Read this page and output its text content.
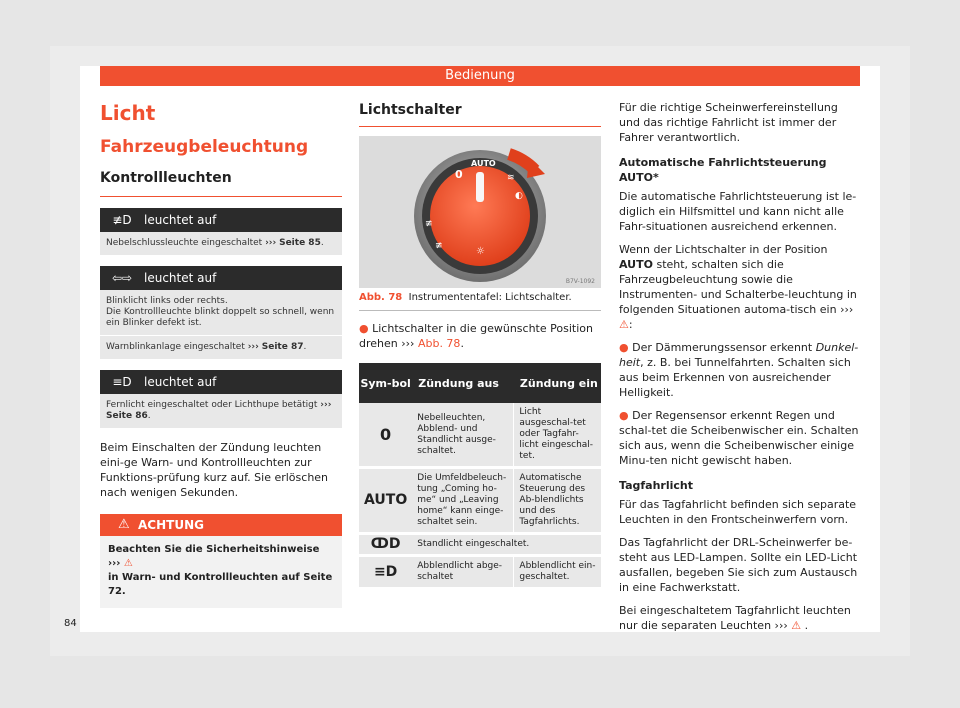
Bedienung
Licht
Fahrzeugbeleuchtung
Kontrollleuchten
≢D	leuchtet auf
Nebelschlussleuchte eingeschaltet ››› Seite 85.
⇦⇨ leuchtet auf
Blinklicht links oder rechts.
Die Kontrollleuchte blinkt doppelt so schnell, wenn ein Blinker defekt ist.
Warnblinkanlage eingeschaltet ››› Seite 87.
≡D	leuchtet auf
Fernlicht eingeschaltet oder Lichthupe betätigt ››› Seite 86.
Beim Einschalten der Zündung leuchten eini-ge Warn- und Kontrollleuchten zur Funktions-prüfung kurz auf. Sie erlöschen nach wenigen Sekunden.
⚠ ACHTUNG
Beachten Sie die Sicherheitshinweise ››› ⚠
in Warn- und Kontrollleuchten auf Seite 72.
Lichtschalter
0
AUTO
≋
◐
≢
≢	☼
B7V-1092
Abb. 78 Instrumententafel: Lichtschalter.
● Lichtschalter in die gewünschte Position drehen ››› Abb. 78.
Sym-bol	Zündung aus	Zündung ein
0	Nebelleuchten, Abblend- und Standlicht ausge-schaltet.	Licht ausgeschal-tet oder Tagfahr-licht eingeschal-tet.
AUTO	Die Umfeldbeleuch-tung „Coming ho-me“ und „Leaving home“ kann einge-schaltet sein.	Automatische Steuerung des Ab-blendlichts und des Tagfahrlichts.
ↀD	Standlicht eingeschaltet.	
≡D	Abblendlicht abge-schaltet	Abblendlicht ein-geschaltet.
Für die richtige Scheinwerfereinstellung und das richtige Fahrlicht ist immer der Fahrer verantwortlich.
Automatische Fahrlichtsteuerung AUTO*
Die automatische Fahrlichtsteuerung ist le-diglich ein Hilfsmittel und kann nicht alle Fahr-situationen ausreichend erkennen.
Wenn der Lichtschalter in der Position AUTO steht, schalten sich die Fahrzeugbeleuchtung sowie die Instrumenten- und Schalterbe-leuchtung in folgenden Situationen automa-tisch ein ››› ⚠:
● Der Dämmerungssensor erkennt Dunkel-heit, z. B. bei Tunnelfahrten. Schalten sich aus beim Erkennen von ausreichender Helligkeit.
● Der Regensensor erkennt Regen und schal-tet die Scheibenwischer ein. Schalten sich aus, wenn die Scheibenwischer einige Minu-ten nicht gewischt haben.
Tagfahrlicht
Für das Tagfahrlicht befinden sich separate Leuchten in den Frontscheinwerfern vorn.
Das Tagfahrlicht der DRL-Scheinwerfer be-steht aus LED-Lampen. Sollte ein LED-Licht ausfallen, begeben Sie sich zum Austausch in eine Fachwerkstatt.
Bei eingeschaltetem Tagfahrlicht leuchten nur die separaten Leuchten ››› ⚠ .
84
